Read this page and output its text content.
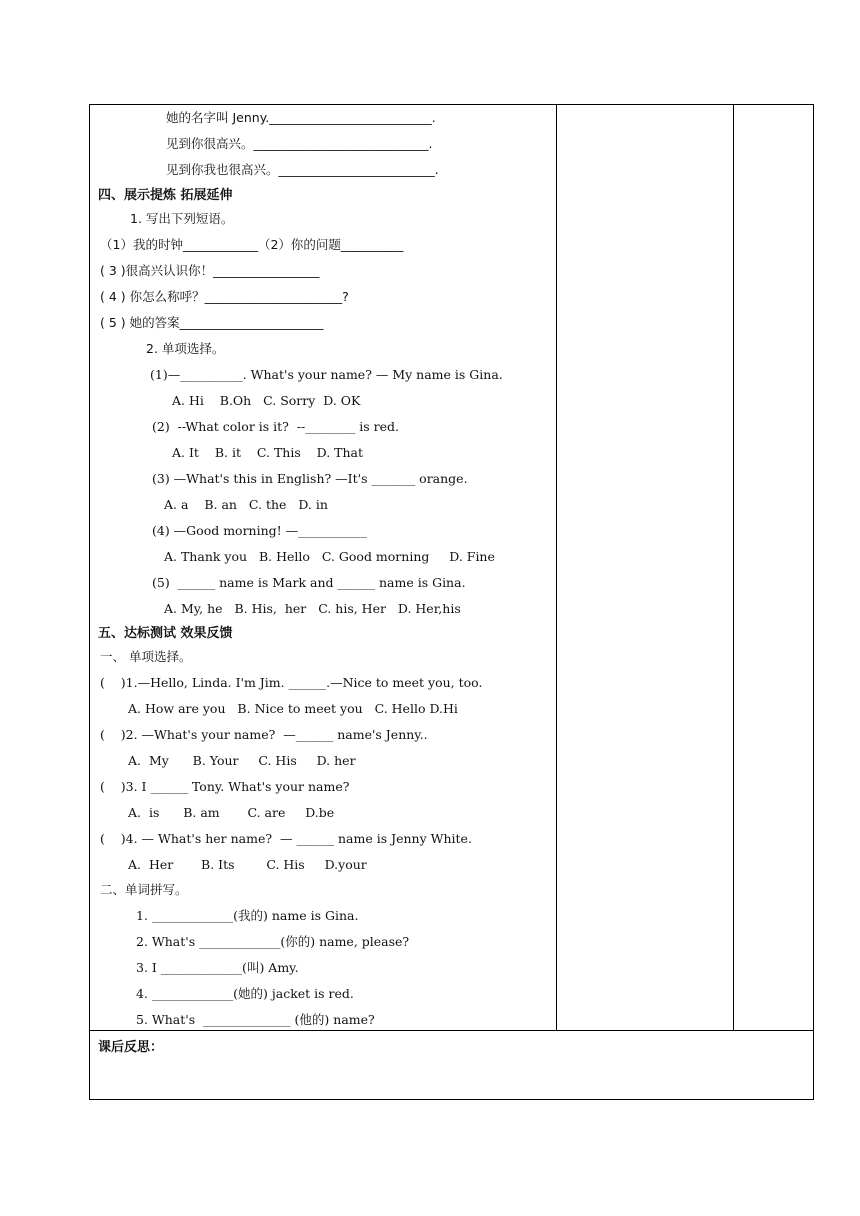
她的名字叫 Jenny.__________________________.
见到你很高兴。____________________________.
见到你我也很高兴。_________________________.
四、展示提炼 拓展延伸
1. 写出下列短语。
（1）我的时钟____________（2）你的问题__________
( 3 )很高兴认识你！_________________
( 4 ) 你怎么称呼？______________________?
( 5 ) 她的答案_______________________
2. 单项选择。
(1)—__________. What's your name? — My name is Gina.
A. Hi    B.Oh   C. Sorry  D. OK
(2)  --What color is it?  --________ is red.
A. It    B. it    C. This    D. That
(3) —What's this in English? —It's _______ orange.
A. a    B. an   C. the   D. in
(4) —Good morning! —___________
A. Thank you   B. Hello   C. Good morning     D. Fine
(5)  ______ name is Mark and ______ name is Gina.
A. My, he   B. His,  her   C. his, Her   D. Her,his
五、达标测试 效果反馈
一、 单项选择。
(    )1.—Hello, Linda. I'm Jim. ______.—Nice to meet you, too.
A. How are you   B. Nice to meet you   C. Hello D.Hi
(    )2. —What's your name?  —______ name's Jenny..
A.  My      B. Your     C. His     D. her
(    )3. I ______ Tony. What's your name?
A.  is      B. am       C. are     D.be
(    )4. — What's her name?  — ______ name is Jenny White.
A.  Her       B. Its        C. His     D.your
二、单词拼写。
1. _____________(我的) name is Gina.
2. What's _____________(你的) name, please?
3. I _____________(叫) Amy.
4. _____________(她的) jacket is red.
5. What's  ______________ (他的) name?
课后反思：
